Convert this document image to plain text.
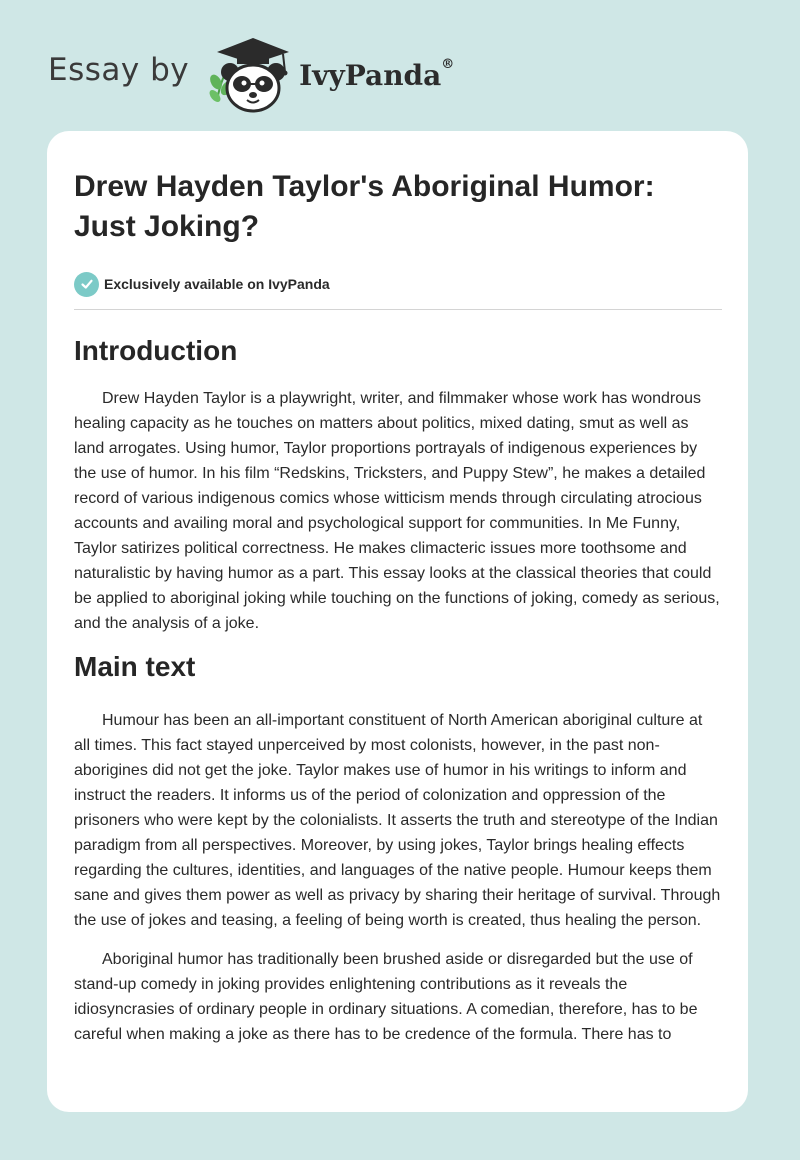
Essay by	IvyPanda®
Drew Hayden Taylor's Aboriginal Humor: Just Joking?
Exclusively available on IvyPanda
Introduction

Drew Hayden Taylor is a playwright, writer, and filmmaker whose work has wondrous healing capacity as he touches on matters about politics, mixed dating, smut as well as land arrogates. Using humor, Taylor proportions portrayals of indigenous experiences by the use of humor. In his film “Redskins, Tricksters, and Puppy Stew”, he makes a detailed record of various indigenous comics whose witticism mends through circulating atrocious accounts and availing moral and psychological support for communities. In Me Funny, Taylor satirizes political correctness. He makes climacteric issues more toothsome and naturalistic by having humor as a part. This essay looks at the classical theories that could be applied to aboriginal joking while touching on the functions of joking, comedy as serious, and the analysis of a joke.

Main text

Humour has been an all-important constituent of North American aboriginal culture at all times. This fact stayed unperceived by most colonists, however, in the past non-aborigines did not get the joke. Taylor makes use of humor in his writings to inform and instruct the readers. It informs us of the period of colonization and oppression of the prisoners who were kept by the colonialists. It asserts the truth and stereotype of the Indian paradigm from all perspectives. Moreover, by using jokes, Taylor brings healing effects regarding the cultures, identities, and languages of the native people. Humour keeps them sane and gives them power as well as privacy by sharing their heritage of survival. Through the use of jokes and teasing, a feeling of being worth is created, thus healing the person.

Aboriginal humor has traditionally been brushed aside or disregarded but the use of stand-up comedy in joking provides enlightening contributions as it reveals the idiosyncrasies of ordinary people in ordinary situations. A comedian, therefore, has to be careful when making a joke as there has to be credence of the formula. There has to
